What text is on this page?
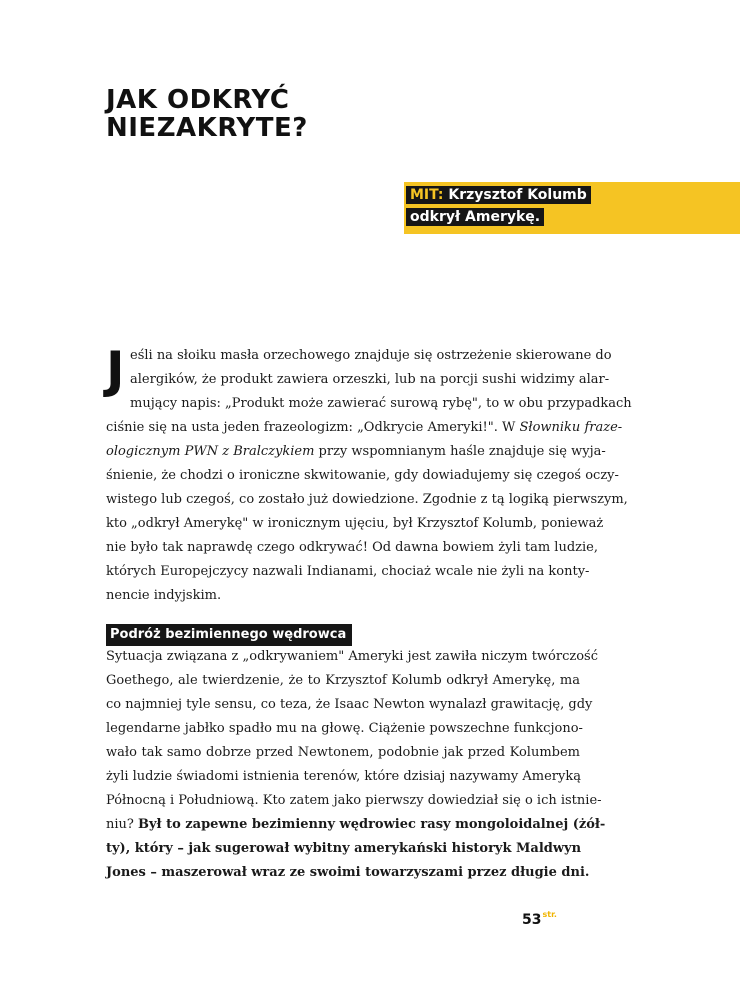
JAK ODKRYĆ
NIEZAKRYTE?
MIT: Krzysztof Kolumb
odkrył Amerykę.
J eśli na słoiku masła orzechowego znajduje się ostrzeżenie skierowane do
alergików, że produkt zawiera orzeszki, lub na porcji sushi widzimy alar-
mujący napis: „Produkt może zawierać surową rybę", to w obu przypadkach
ciśnie się na usta jeden frazeologizm: „Odkrycie Ameryki!". W Słowniku fraze-
ologicznym PWN z Bralczykiem przy wspomnianym haśle znajduje się wyja-
śnienie, że chodzi o ironiczne skwitowanie, gdy dowiadujemy się czegoś oczy-
wistego lub czegoś, co zostało już dowiedzione. Zgodnie z tą logiką pierwszym,
kto „odkrył Amerykę" w ironicznym ujęciu, był Krzysztof Kolumb, ponieważ
nie było tak naprawdę czego odkrywać! Od dawna bowiem żyli tam ludzie,
których Europejczycy nazwali Indianami, chociaż wcale nie żyli na konty-
nencie indyjskim.
Podróż bezimiennego wędrowca
Sytuacja związana z „odkrywaniem" Ameryki jest zawiła niczym twórczość
Goethego, ale twierdzenie, że to Krzysztof Kolumb odkrył Amerykę, ma
co najmniej tyle sensu, co teza, że Isaac Newton wynalazł grawitację, gdy
legendarne jabłko spadło mu na głowę. Ciążenie powszechne funkcjono-
wało tak samo dobrze przed Newtonem, podobnie jak przed Kolumbem
żyli ludzie świadomi istnienia terenów, które dzisiaj nazywamy Ameryką
Północną i Południową. Kto zatem jako pierwszy dowiedział się o ich istnie-
niu? Był to zapewne bezimienny wędrowiec rasy mongoloidalnej (żół-
ty), który – jak sugerował wybitny amerykański historyk Maldwyn
Jones – maszerował wraz ze swoimi towarzyszami przez długie dni.
$53^{str.}$
